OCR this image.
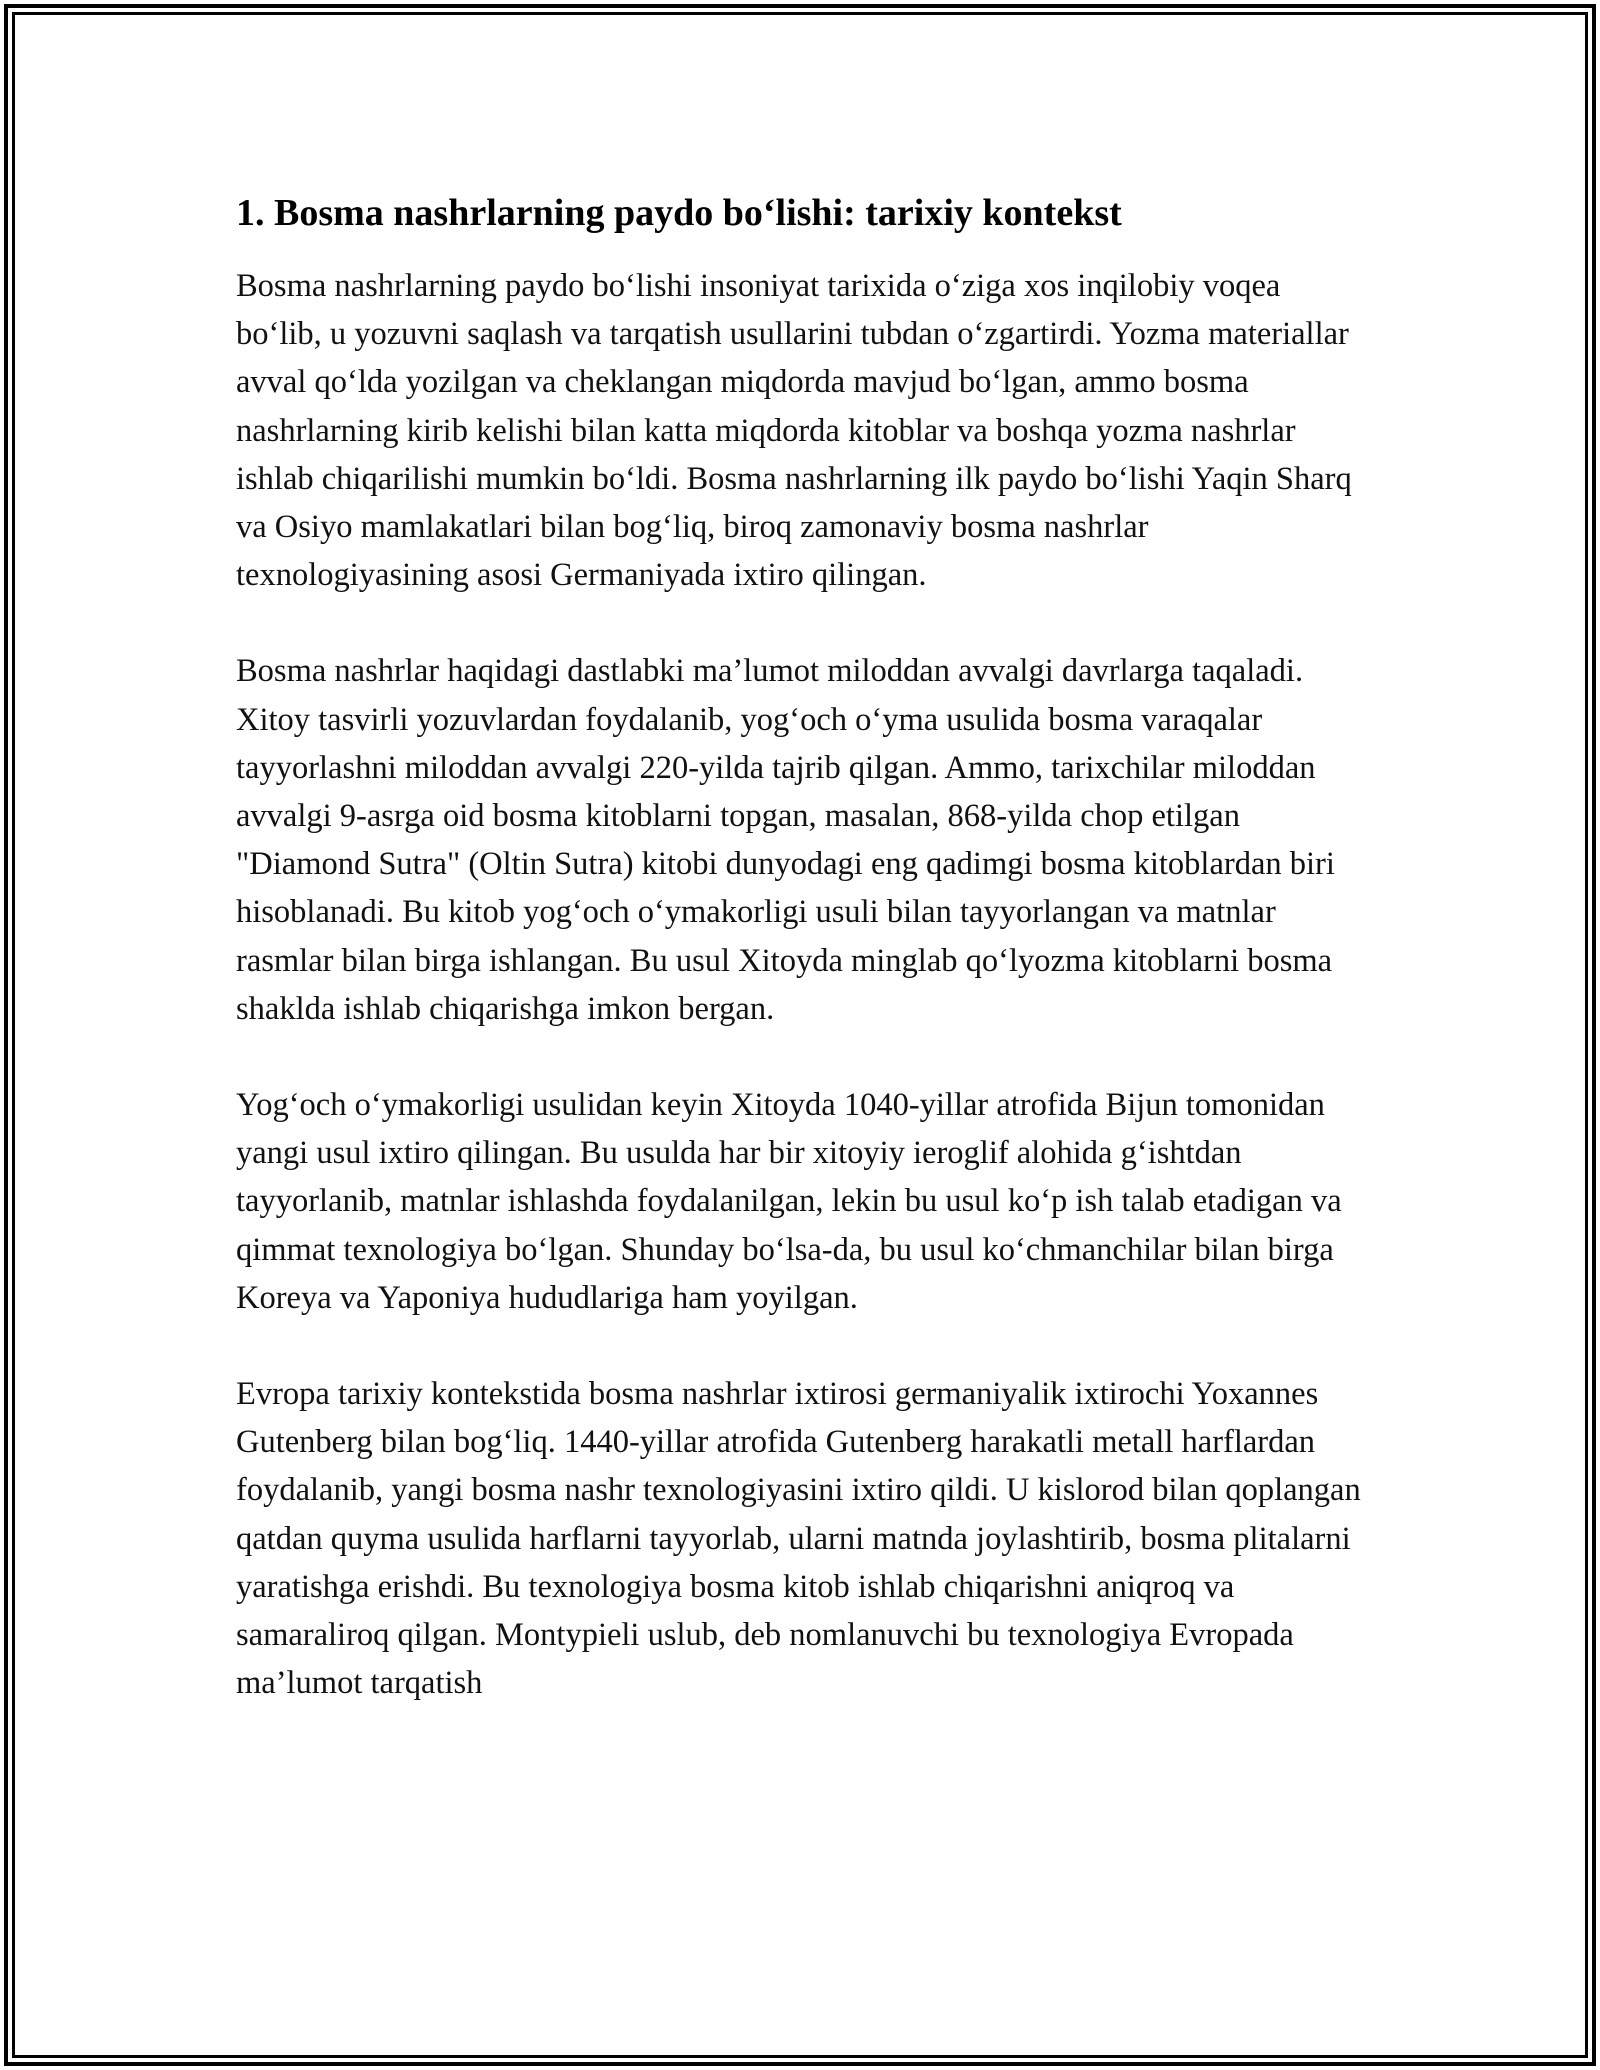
1. Bosma nashrlarning paydo bo‘lishi: tarixiy kontekst

Bosma nashrlarning paydo bo‘lishi insoniyat tarixida o‘ziga xos inqilobiy voqea bo‘lib, u yozuvni saqlash va tarqatish usullarini tubdan o‘zgartirdi. Yozma materiallar avval qo‘lda yozilgan va cheklangan miqdorda mavjud bo‘lgan, ammo bosma nashrlarning kirib kelishi bilan katta miqdorda kitoblar va boshqa yozma nashrlar ishlab chiqarilishi mumkin bo‘ldi. Bosma nashrlarning ilk paydo bo‘lishi Yaqin Sharq va Osiyo mamlakatlari bilan bog‘liq, biroq zamonaviy bosma nashrlar texnologiyasining asosi Germaniyada ixtiro qilingan.

Bosma nashrlar haqidagi dastlabki ma’lumot miloddan avvalgi davrlarga taqaladi. Xitoy tasvirli yozuvlardan foydalanib, yog‘och o‘yma usulida bosma varaqalar tayyorlashni miloddan avvalgi 220-yilda tajrib qilgan. Ammo, tarixchilar miloddan avvalgi 9-asrga oid bosma kitoblarni topgan, masalan, 868-yilda chop etilgan "Diamond Sutra" (Oltin Sutra) kitobi dunyodagi eng qadimgi bosma kitoblardan biri hisoblanadi. Bu kitob yog‘och o‘ymakorligi usuli bilan tayyorlangan va matnlar rasmlar bilan birga ishlangan. Bu usul Xitoyda minglab qo‘lyozma kitoblarni bosma shaklda ishlab chiqarishga imkon bergan.

Yog‘och o‘ymakorligi usulidan keyin Xitoyda 1040-yillar atrofida Bijun tomonidan yangi usul ixtiro qilingan. Bu usulda har bir xitoyiy ieroglif alohida g‘ishtdan tayyorlanib, matnlar ishlashda foydalanilgan, lekin bu usul ko‘p ish talab etadigan va qimmat texnologiya bo‘lgan. Shunday bo‘lsa-da, bu usul ko‘chmanchilar bilan birga Koreya va Yaponiya hududlariga ham yoyilgan.

Evropa tarixiy kontekstida bosma nashrlar ixtirosi germaniyalik ixtirochi Yoxannes Gutenberg bilan bog‘liq. 1440-yillar atrofida Gutenberg harakatli metall harflardan foydalanib, yangi bosma nashr texnologiyasini ixtiro qildi. U kislorod bilan qoplangan qatdan quyma usulida harflarni tayyorlab, ularni matnda joylashtirib, bosma plitalarni yaratishga erishdi. Bu texnologiya bosma kitob ishlab chiqarishni aniqroq va samaraliroq qilgan. Montypieli uslub, deb nomlanuvchi bu texnologiya Evropada ma’lumot tarqatish
